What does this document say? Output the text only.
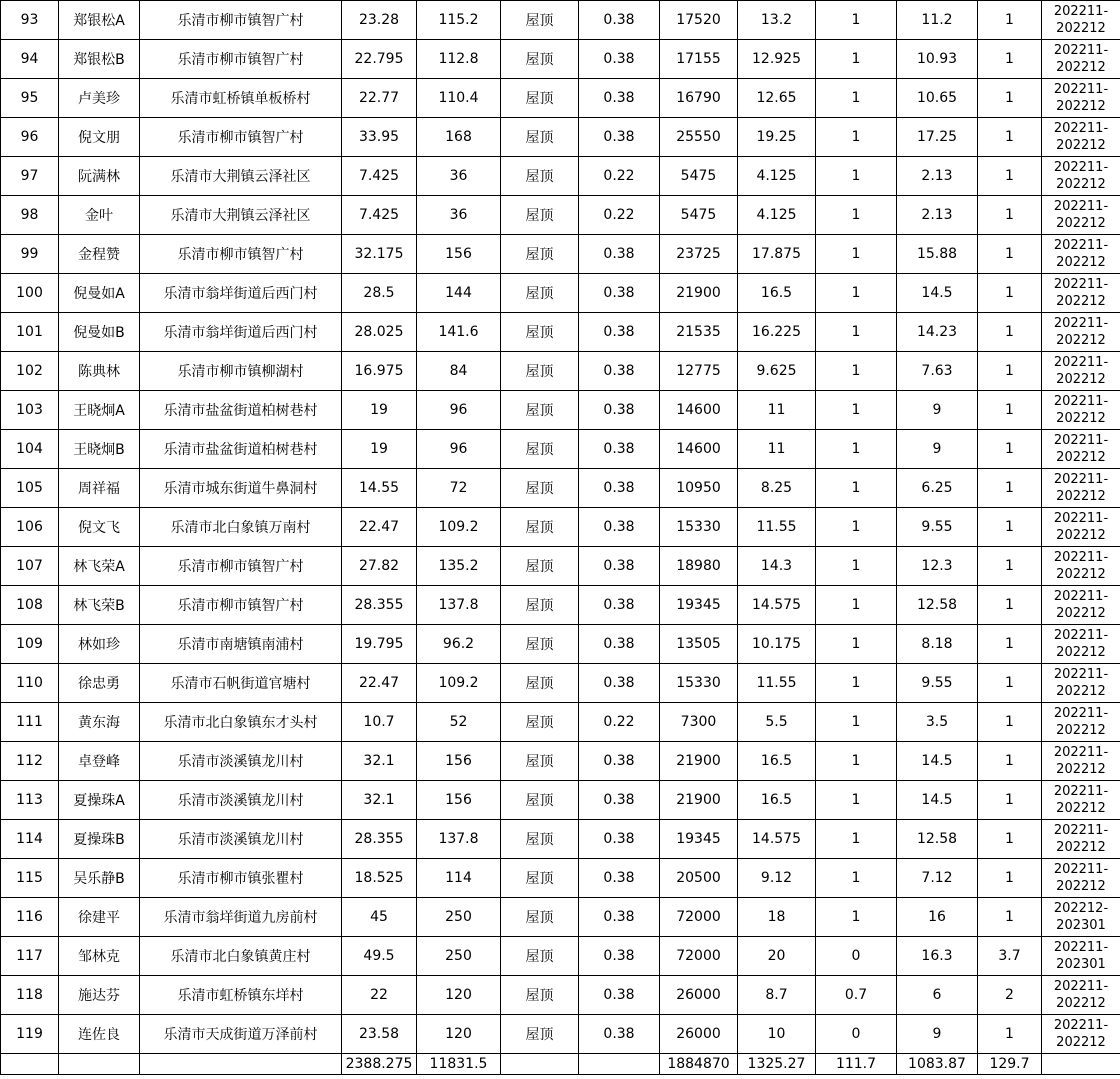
93	郑银松A	乐清市柳市镇智广村	23.28	115.2	屋顶	0.38	17520	13.2	1	11.2	1	202211-202212
94	郑银松B	乐清市柳市镇智广村	22.795	112.8	屋顶	0.38	17155	12.925	1	10.93	1	202211-202212
95	卢美珍	乐清市虹桥镇单板桥村	22.77	110.4	屋顶	0.38	16790	12.65	1	10.65	1	202211-202212
96	倪文朋	乐清市柳市镇智广村	33.95	168	屋顶	0.38	25550	19.25	1	17.25	1	202211-202212
97	阮满林	乐清市大荆镇云泽社区	7.425	36	屋顶	0.22	5475	4.125	1	2.13	1	202211-202212
98	金叶	乐清市大荆镇云泽社区	7.425	36	屋顶	0.22	5475	4.125	1	2.13	1	202211-202212
99	金程赞	乐清市柳市镇智广村	32.175	156	屋顶	0.38	23725	17.875	1	15.88	1	202211-202212
100	倪曼如A	乐清市翁垟街道后西门村	28.5	144	屋顶	0.38	21900	16.5	1	14.5	1	202211-202212
101	倪曼如B	乐清市翁垟街道后西门村	28.025	141.6	屋顶	0.38	21535	16.225	1	14.23	1	202211-202212
102	陈典林	乐清市柳市镇柳湖村	16.975	84	屋顶	0.38	12775	9.625	1	7.63	1	202211-202212
103	王晓炯A	乐清市盐盆街道柏树巷村	19	96	屋顶	0.38	14600	11	1	9	1	202211-202212
104	王晓炯B	乐清市盐盆街道柏树巷村	19	96	屋顶	0.38	14600	11	1	9	1	202211-202212
105	周祥福	乐清市城东街道牛鼻洞村	14.55	72	屋顶	0.38	10950	8.25	1	6.25	1	202211-202212
106	倪文飞	乐清市北白象镇万南村	22.47	109.2	屋顶	0.38	15330	11.55	1	9.55	1	202211-202212
107	林飞荣A	乐清市柳市镇智广村	27.82	135.2	屋顶	0.38	18980	14.3	1	12.3	1	202211-202212
108	林飞荣B	乐清市柳市镇智广村	28.355	137.8	屋顶	0.38	19345	14.575	1	12.58	1	202211-202212
109	林如珍	乐清市南塘镇南浦村	19.795	96.2	屋顶	0.38	13505	10.175	1	8.18	1	202211-202212
110	徐忠勇	乐清市石帆街道官塘村	22.47	109.2	屋顶	0.38	15330	11.55	1	9.55	1	202211-202212
111	黄东海	乐清市北白象镇东才头村	10.7	52	屋顶	0.22	7300	5.5	1	3.5	1	202211-202212
112	卓登峰	乐清市淡溪镇龙川村	32.1	156	屋顶	0.38	21900	16.5	1	14.5	1	202211-202212
113	夏操珠A	乐清市淡溪镇龙川村	32.1	156	屋顶	0.38	21900	16.5	1	14.5	1	202211-202212
114	夏操珠B	乐清市淡溪镇龙川村	28.355	137.8	屋顶	0.38	19345	14.575	1	12.58	1	202211-202212
115	吴乐静B	乐清市柳市镇张瞿村	18.525	114	屋顶	0.38	20500	9.12	1	7.12	1	202211-202212
116	徐建平	乐清市翁垟街道九房前村	45	250	屋顶	0.38	72000	18	1	16	1	202212-202301
117	邹林克	乐清市北白象镇黄庄村	49.5	250	屋顶	0.38	72000	20	0	16.3	3.7	202211-202301
118	施达芬	乐清市虹桥镇东垟村	22	120	屋顶	0.38	26000	8.7	0.7	6	2	202211-202212
119	连佐良	乐清市天成街道万泽前村	23.58	120	屋顶	0.38	26000	10	0	9	1	202211-202212
			2388.275	11831.5			1884870	1325.27	111.7	1083.87	129.7	
